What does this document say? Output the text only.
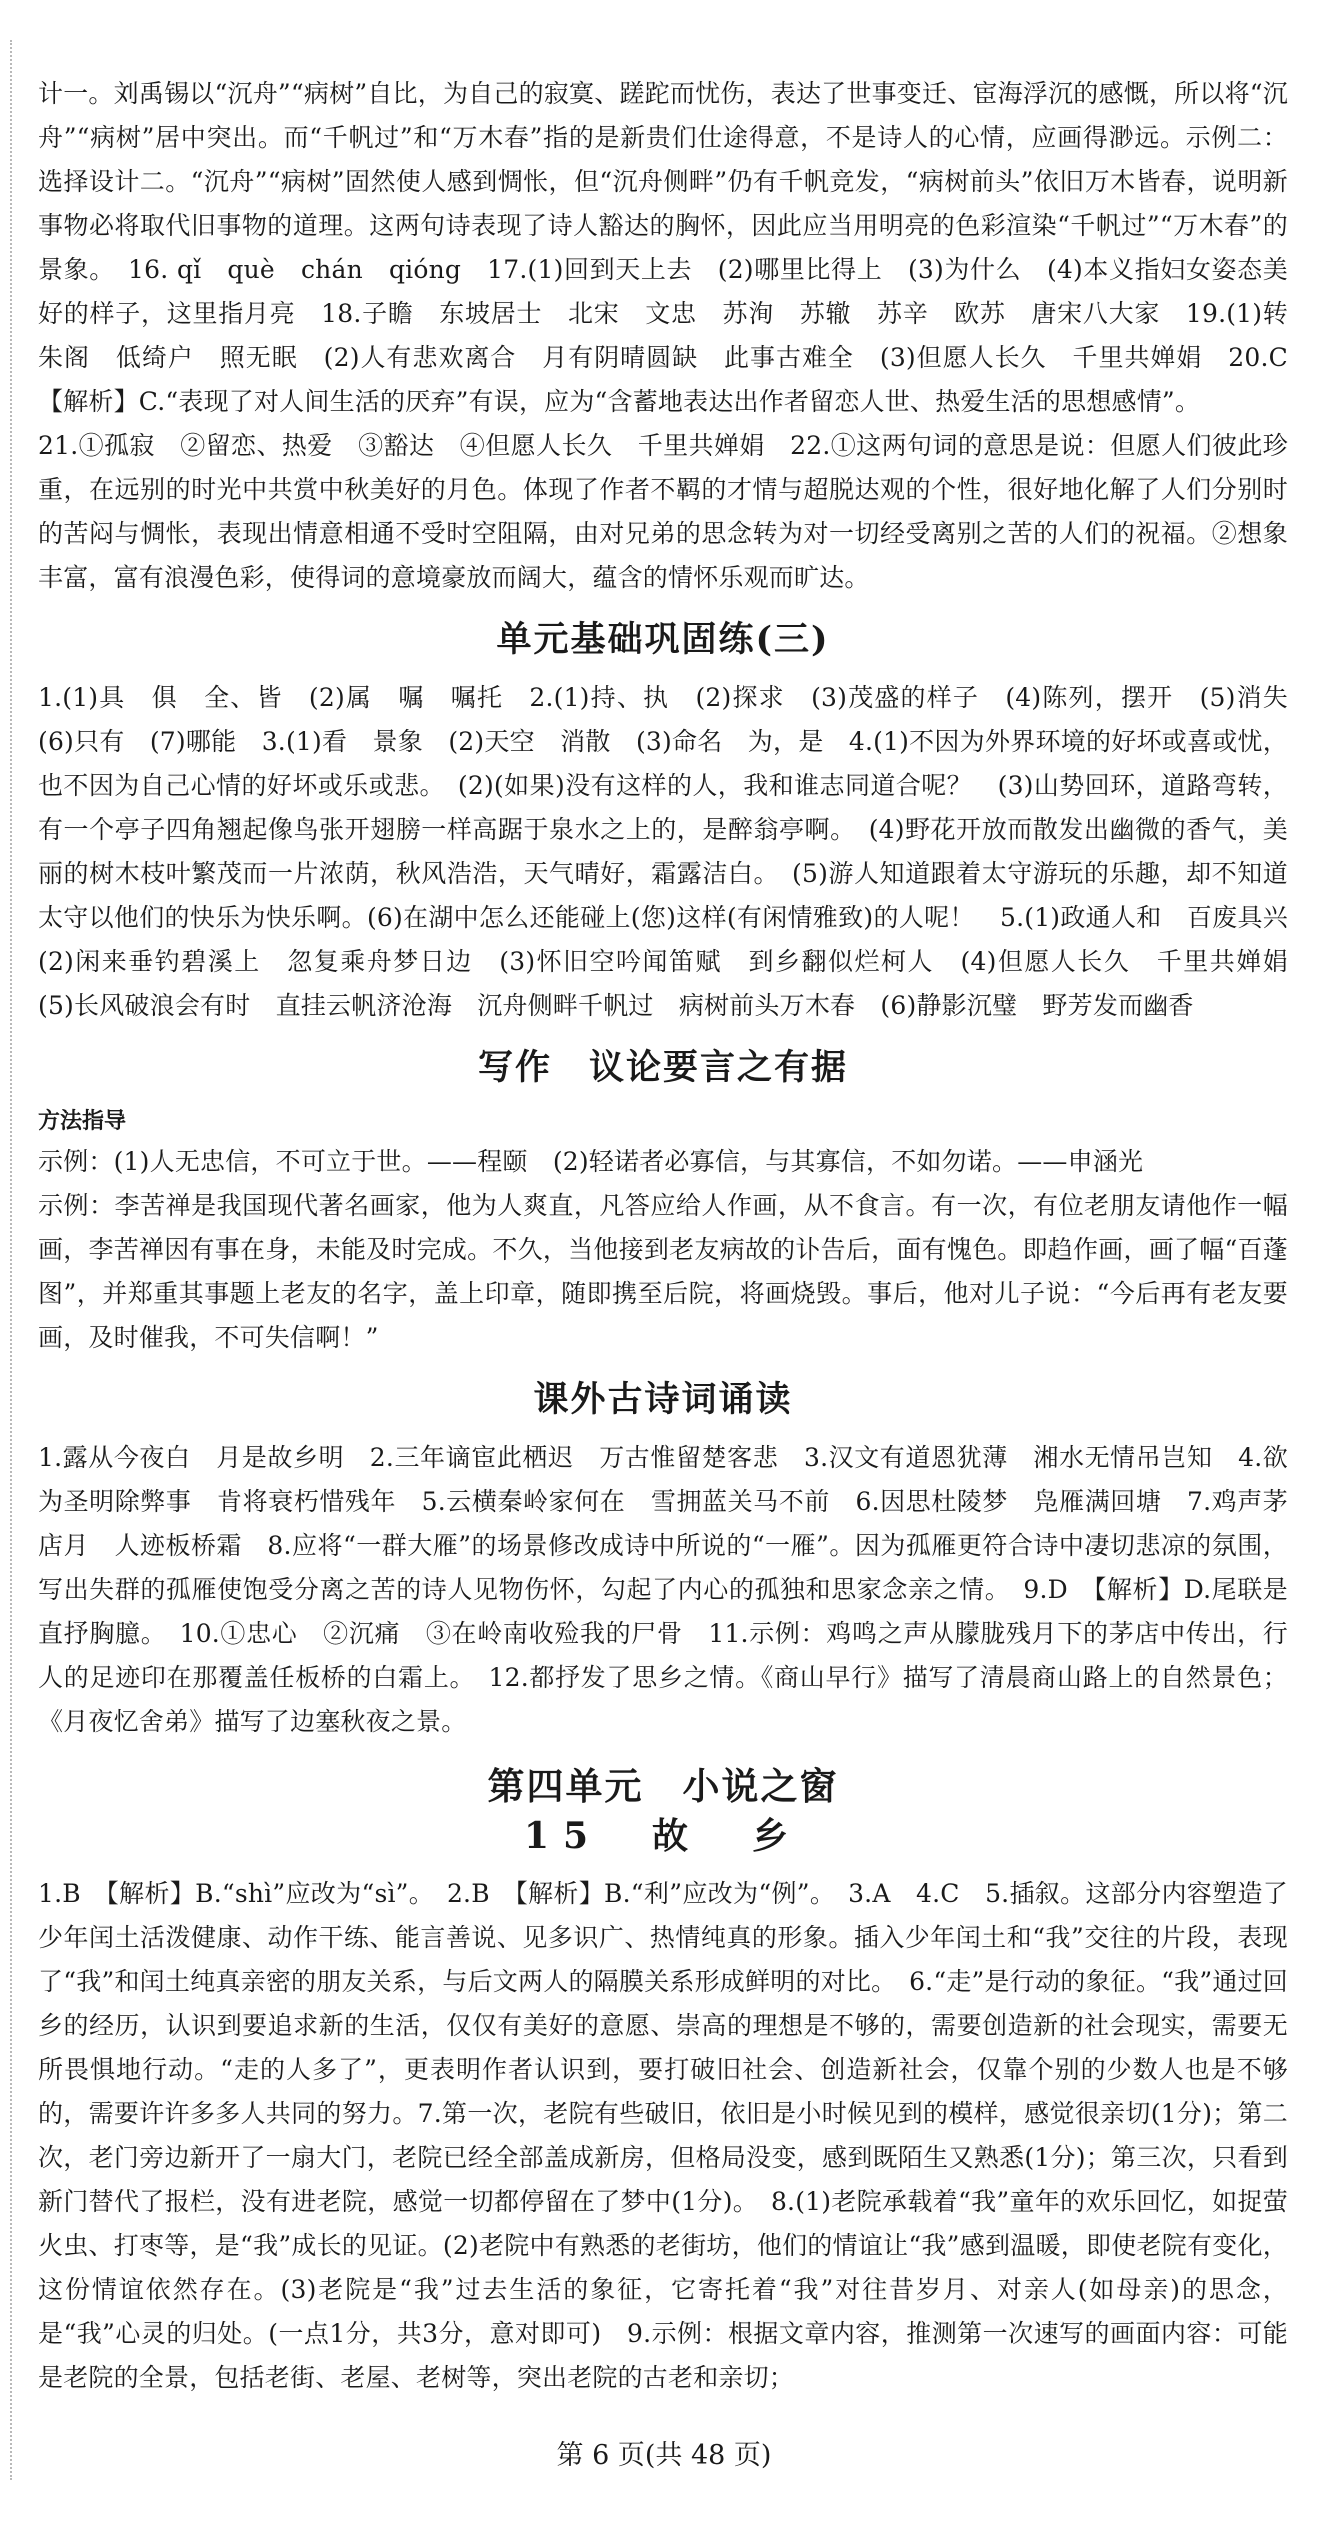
计一。刘禹锡以“沉舟”“病树”自比，为自己的寂寞、蹉跎而忧伤，表达了世事变迁、宦海浮沉的感慨，所以将“沉舟”“病树”居中突出。而“千帆过”和“万木春”指的是新贵们仕途得意，不是诗人的心情，应画得渺远。示例二：选择设计二。“沉舟”“病树”固然使人感到惆怅，但“沉舟侧畔”仍有千帆竞发，“病树前头”依旧万木皆春，说明新事物必将取代旧事物的道理。这两句诗表现了诗人豁达的胸怀，因此应当用明亮的色彩渲染“千帆过”“万木春”的景象。　16. qǐ　què　chán　qióng　17.(1)回到天上去　(2)哪里比得上　(3)为什么　(4)本义指妇女姿态美好的样子，这里指月亮　18.子瞻　东坡居士　北宋　文忠　苏洵　苏辙　苏辛　欧苏　唐宋八大家　19.(1)转朱阁　低绮户　照无眠　(2)人有悲欢离合　月有阴晴圆缺　此事古难全　(3)但愿人长久　千里共婵娟　20.C　【解析】C.“表现了对人间生活的厌弃”有误，应为“含蓄地表达出作者留恋人世、热爱生活的思想感情”。

21.①孤寂　②留恋、热爱　③豁达　④但愿人长久　千里共婵娟　22.①这两句词的意思是说：但愿人们彼此珍重，在远别的时光中共赏中秋美好的月色。体现了作者不羁的才情与超脱达观的个性，很好地化解了人们分别时的苦闷与惆怅，表现出情意相通不受时空阻隔，由对兄弟的思念转为对一切经受离别之苦的人们的祝福。②想象丰富，富有浪漫色彩，使得词的意境豪放而阔大，蕴含的情怀乐观而旷达。

单元基础巩固练(三)

1.(1)具　俱　全、皆　(2)属　嘱　嘱托　2.(1)持、执　(2)探求　(3)茂盛的样子　(4)陈列，摆开　(5)消失　(6)只有　(7)哪能　3.(1)看　景象　(2)天空　消散　(3)命名　为，是　4.(1)不因为外界环境的好坏或喜或忧，也不因为自己心情的好坏或乐或悲。　(2)(如果)没有这样的人，我和谁志同道合呢？　(3)山势回环，道路弯转，有一个亭子四角翘起像鸟张开翅膀一样高踞于泉水之上的，是醉翁亭啊。　(4)野花开放而散发出幽微的香气，美丽的树木枝叶繁茂而一片浓荫，秋风浩浩，天气晴好，霜露洁白。　(5)游人知道跟着太守游玩的乐趣，却不知道太守以他们的快乐为快乐啊。(6)在湖中怎么还能碰上(您)这样(有闲情雅致)的人呢！　5.(1)政通人和　百废具兴　(2)闲来垂钓碧溪上　忽复乘舟梦日边　(3)怀旧空吟闻笛赋　到乡翻似烂柯人　(4)但愿人长久　千里共婵娟　(5)长风破浪会有时　直挂云帆济沧海　沉舟侧畔千帆过　病树前头万木春　(6)静影沉璧　野芳发而幽香

写作　议论要言之有据
方法指导

示例：(1)人无忠信，不可立于世。——程颐　(2)轻诺者必寡信，与其寡信，不如勿诺。——申涵光

示例：李苦禅是我国现代著名画家，他为人爽直，凡答应给人作画，从不食言。有一次，有位老朋友请他作一幅画，李苦禅因有事在身，未能及时完成。不久，当他接到老友病故的讣告后，面有愧色。即趋作画，画了幅“百蓬图”，并郑重其事题上老友的名字，盖上印章，随即携至后院，将画烧毁。事后，他对儿子说：“今后再有老友要画，及时催我，不可失信啊！”

课外古诗词诵读

1.露从今夜白　月是故乡明　2.三年谪宦此栖迟　万古惟留楚客悲　3.汉文有道恩犹薄　湘水无情吊岂知　4.欲为圣明除弊事　肯将衰朽惜残年　5.云横秦岭家何在　雪拥蓝关马不前　6.因思杜陵梦　凫雁满回塘　7.鸡声茅店月　人迹板桥霜　8.应将“一群大雁”的场景修改成诗中所说的“一雁”。因为孤雁更符合诗中凄切悲凉的氛围，写出失群的孤雁使饱受分离之苦的诗人见物伤怀，勾起了内心的孤独和思家念亲之情。　9.D　【解析】D.尾联是直抒胸臆。　10.①忠心　②沉痛　③在岭南收殓我的尸骨　11.示例：鸡鸣之声从朦胧残月下的茅店中传出，行人的足迹印在那覆盖任板桥的白霜上。　12.都抒发了思乡之情。《商山早行》描写了清晨商山路上的自然景色；《月夜忆舍弟》描写了边塞秋夜之景。

第四单元　小说之窗
15　故　乡

1.B　【解析】B.“shì”应改为“sì”。　2.B　【解析】B.“利”应改为“例”。　3.A　4.C　5.插叙。这部分内容塑造了少年闰土活泼健康、动作干练、能言善说、见多识广、热情纯真的形象。插入少年闰土和“我”交往的片段，表现了“我”和闰土纯真亲密的朋友关系，与后文两人的隔膜关系形成鲜明的对比。　6.“走”是行动的象征。“我”通过回乡的经历，认识到要追求新的生活，仅仅有美好的意愿、崇高的理想是不够的，需要创造新的社会现实，需要无所畏惧地行动。“走的人多了”，更表明作者认识到，要打破旧社会、创造新社会，仅靠个别的少数人也是不够的，需要许许多多人共同的努力。7.第一次，老院有些破旧，依旧是小时候见到的模样，感觉很亲切(1分)；第二次，老门旁边新开了一扇大门，老院已经全部盖成新房，但格局没变，感到既陌生又熟悉(1分)；第三次，只看到新门替代了报栏，没有进老院，感觉一切都停留在了梦中(1分)。　8.(1)老院承载着“我”童年的欢乐回忆，如捉萤火虫、打枣等，是“我”成长的见证。(2)老院中有熟悉的老街坊，他们的情谊让“我”感到温暖，即使老院有变化，这份情谊依然存在。(3)老院是“我”过去生活的象征，它寄托着“我”对往昔岁月、对亲人(如母亲)的思念，是“我”心灵的归处。(一点1分，共3分，意对即可)　9.示例：根据文章内容，推测第一次速写的画面内容：可能是老院的全景，包括老街、老屋、老树等，突出老院的古老和亲切；

第 6 页(共 48 页)
